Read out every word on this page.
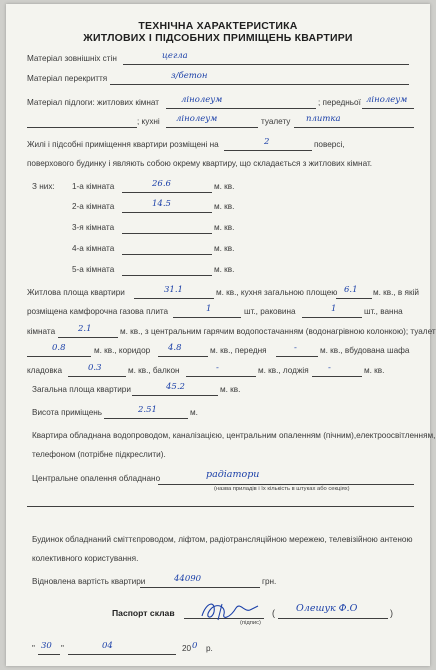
ТЕХНІЧНА ХАРАКТЕРИСТИКА
ЖИТЛОВИХ І ПІДСОБНИХ ПРИМІЩЕНЬ КВАРТИРИ
Матеріал зовнішніх стін	цегла
Матеріал перекриття	з/бетон
Матеріал підлоги: житлових кімнат	лінолеум	; передньої лінолеум
; кухні лінолеум	туалету плитка
Жилі і підсобні приміщення квартири розміщені на	2	поверсі,
поверхового будинку і являють собою окрему квартиру, що складається з житлових кімнат.
З них: 1-а кімната	26.6	м. кв.
2-а кімната	14.5	м. кв.
3-я кімната	м. кв.
4-а кімната	м. кв.
5-а кімната	м. кв.
Житлова площа квартири	31.1	м. кв., кухня загальною площею 6.1 м. кв., в якій
розміщена камфорочна газова плита	1	шт., раковина	1	шт., ванна
кімната	2.1	м. кв., з центральним гарячим водопостачанням (водонагрівною колонкою); туалет
0.8	м. кв., коридор 4.8	м. кв., передня	-	м. кв., вбудована шафа
кладовка	0.3	м. кв., балкон	-	м. кв., лоджія -	м. кв.
Загальна площа квартири	45.2	м. кв.
Висота приміщень	2.51	м.
Квартира обладнана водопроводом, каналізацією, центральним опаленням (пічним),електроосвітленням,
телефоном (потрібне підкреслити).
Центральне опалення обладнано	радіатори
(назва приладів і їх кількість в штуках або секціях)
Будинок обладнаний сміттєпроводом, ліфтом, радіотрансляційною мережею, телевізійною антеною
колективного користування.
Відновлена вартість квартири	44090	грн.
Паспорт склав
(підпис)
( Олешук Ф.О	)
" 30 "	04	20 0 р.
